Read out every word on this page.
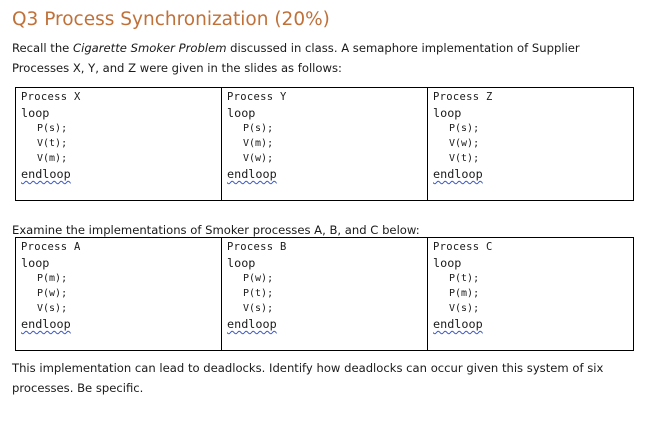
Q3 Process Synchronization (20%)

Recall the Cigarette Smoker Problem discussed in class. A semaphore implementation of Supplier
Processes X, Y, and Z were given in the slides as follows:

Process X
loop
P(s);
V(t);
V(m);
endloop

Process Y
loop
P(s);
V(m);
V(w);
endloop

Process Z
loop
P(s);
V(w);
V(t);
endloop

Examine the implementations of Smoker processes A, B, and C below:

Process A
loop
P(m);
P(w);
V(s);
endloop

Process B
loop
P(w);
P(t);
V(s);
endloop

Process C
loop
P(t);
P(m);
V(s);
endloop

This implementation can lead to deadlocks. Identify how deadlocks can occur given this system of six
processes. Be specific.
